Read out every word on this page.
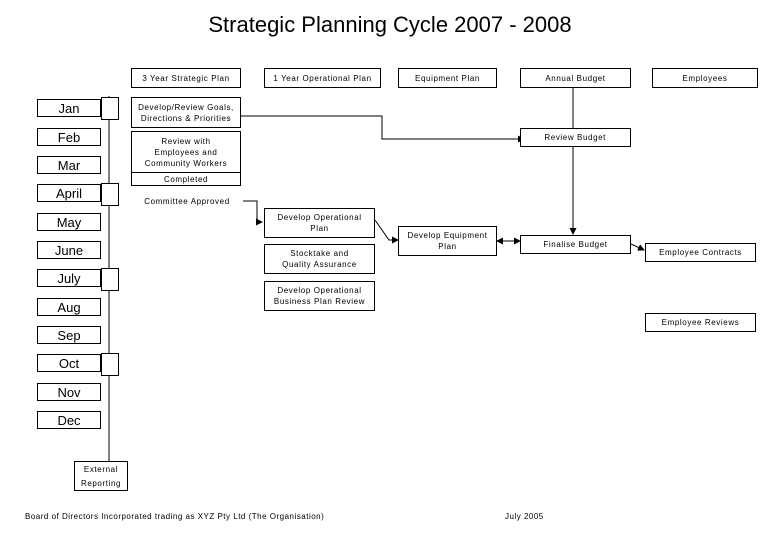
Strategic Planning Cycle 2007 - 2008
3 Year Strategic Plan	1 Year Operational Plan	Equipment Plan	Annual Budget	Employees
Jan
Feb
Mar
April
May
June
July
Aug
Sep
Oct
Nov
Dec
Develop/Review Goals, Directions & Priorities
Review with Employees and Community Workers
Completed
Committee Approved
Develop Operational Plan
Stocktake and Quality Assurance
Develop Operational Business Plan Review
Develop Equipment Plan
Review Budget
Finalise Budget
Employee Contracts
Employee Reviews
External
Reporting
Board of Directors Incorporated trading as XYZ Pty Ltd (The Organisation)	July 2005
